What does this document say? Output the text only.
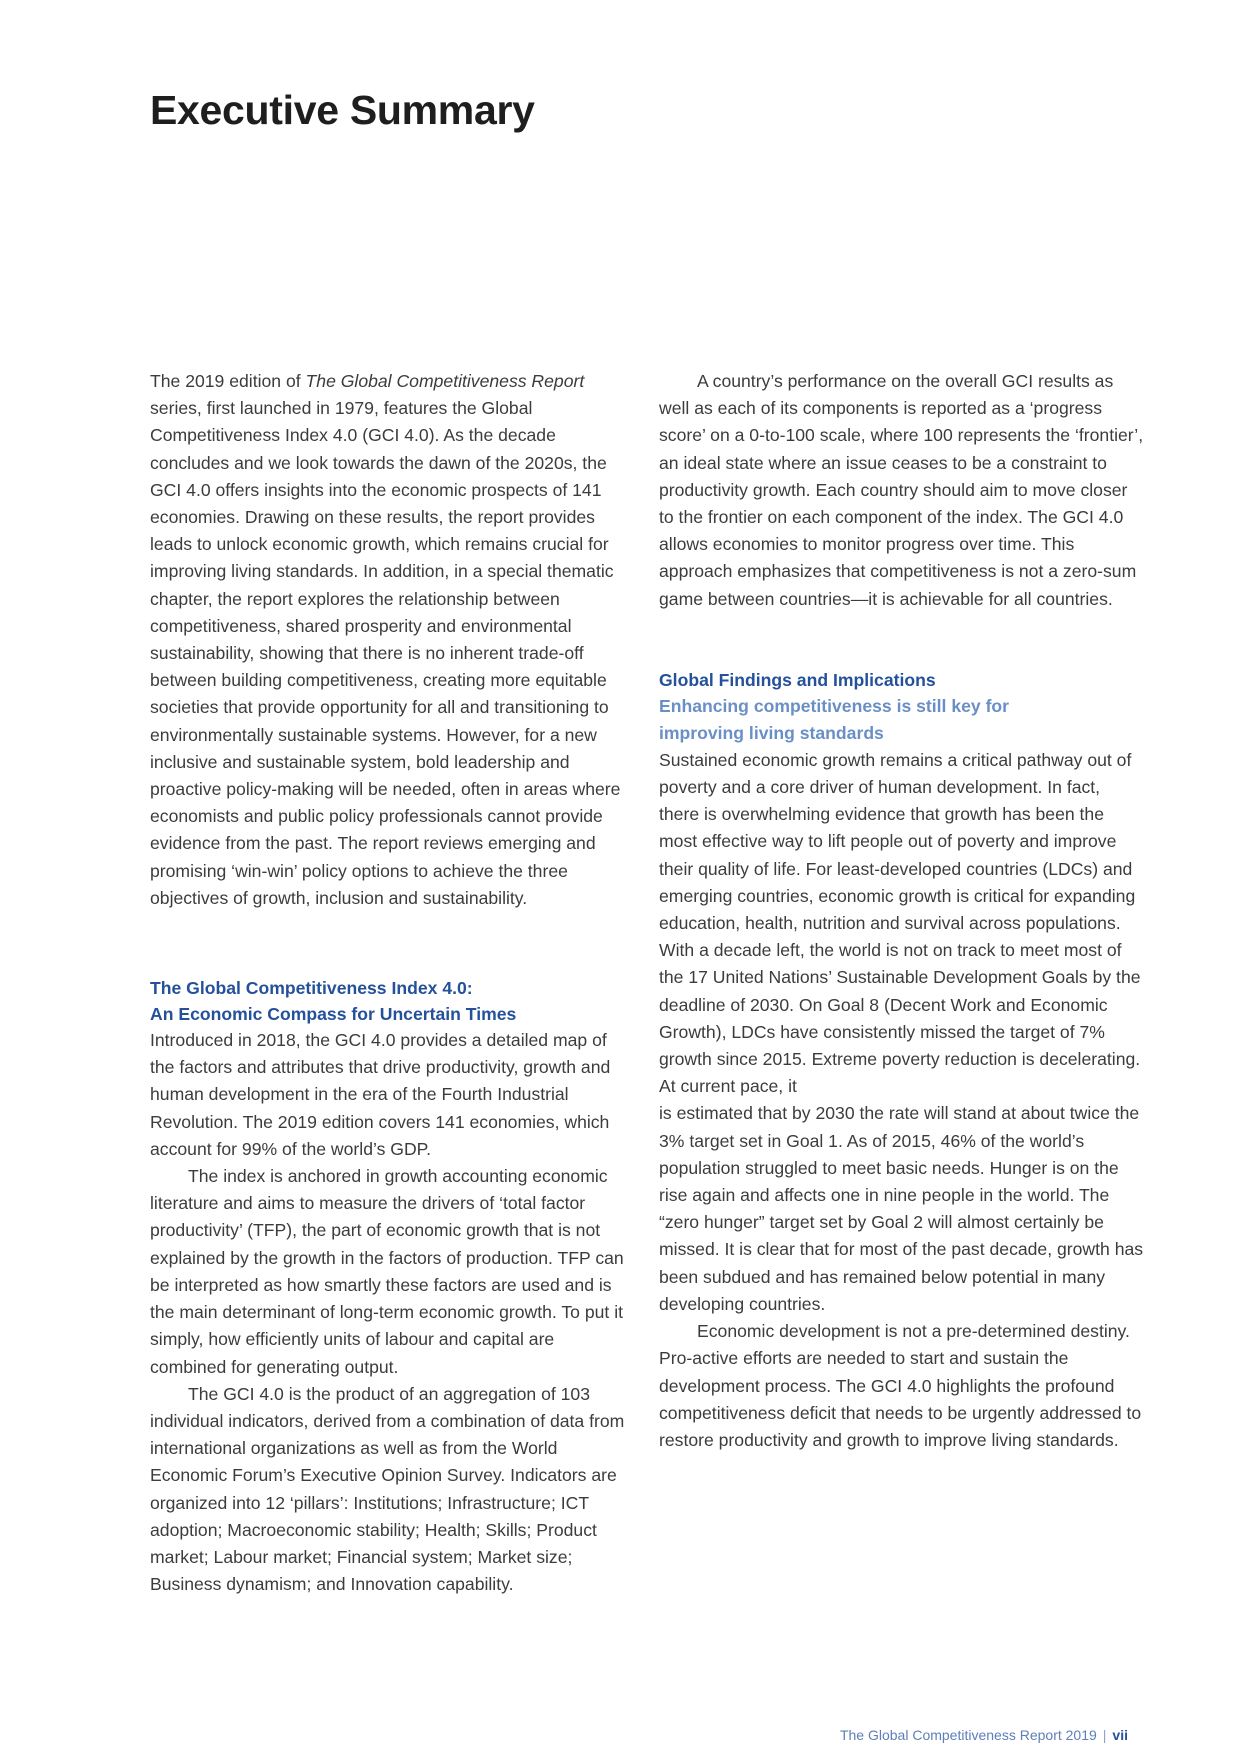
Executive Summary

The 2019 edition of The Global Competitiveness Report series, first launched in 1979, features the Global Competitiveness Index 4.0 (GCI 4.0). As the decade concludes and we look towards the dawn of the 2020s, the GCI 4.0 offers insights into the economic prospects of 141 economies. Drawing on these results, the report provides leads to unlock economic growth, which remains crucial for improving living standards. In addition, in a special thematic chapter, the report explores the relationship between competitiveness, shared prosperity and environmental sustainability, showing that there is no inherent trade-off between building competitiveness, creating more equitable societies that provide opportunity for all and transitioning to environmentally sustainable systems. However, for a new inclusive and sustainable system, bold leadership and proactive policy-making will be needed, often in areas where economists and public policy professionals cannot provide evidence from the past. The report reviews emerging and promising ‘win-win’ policy options to achieve the three objectives of growth, inclusion and sustainability.

The Global Competitiveness Index 4.0:
An Economic Compass for Uncertain Times

Introduced in 2018, the GCI 4.0 provides a detailed map of the factors and attributes that drive productivity, growth and human development in the era of the Fourth Industrial Revolution. The 2019 edition covers 141 economies, which account for 99% of the world’s GDP.

The index is anchored in growth accounting economic literature and aims to measure the drivers of ‘total factor productivity’ (TFP), the part of economic growth that is not explained by the growth in the factors of production. TFP can be interpreted as how smartly these factors are used and is the main determinant of long-term economic growth. To put it simply, how efficiently units of labour and capital are combined for generating output.

The GCI 4.0 is the product of an aggregation of 103 individual indicators, derived from a combination of data from international organizations as well as from the World Economic Forum’s Executive Opinion Survey. Indicators are organized into 12 ‘pillars’: Institutions; Infrastructure; ICT adoption; Macroeconomic stability; Health; Skills; Product market; Labour market; Financial system; Market size; Business dynamism; and Innovation capability.

A country’s performance on the overall GCI results as well as each of its components is reported as a ‘progress score’ on a 0-to-100 scale, where 100 represents the ‘frontier’, an ideal state where an issue ceases to be a constraint to productivity growth. Each country should aim to move closer to the frontier on each component of the index. The GCI 4.0 allows economies to monitor progress over time. This approach emphasizes that competitiveness is not a zero-sum game between countries—it is achievable for all countries.

Global Findings and Implications
Enhancing competitiveness is still key for
improving living standards

Sustained economic growth remains a critical pathway out of poverty and a core driver of human development. In fact, there is overwhelming evidence that growth has been the most effective way to lift people out of poverty and improve their quality of life. For least-developed countries (LDCs) and emerging countries, economic growth is critical for expanding education, health, nutrition and survival across populations. With a decade left, the world is not on track to meet most of the 17 United Nations’ Sustainable Development Goals by the deadline of 2030. On Goal 8 (Decent Work and Economic Growth), LDCs have consistently missed the target of 7% growth since 2015. Extreme poverty reduction is decelerating. At current pace, it

is estimated that by 2030 the rate will stand at about twice the 3% target set in Goal 1. As of 2015, 46% of the world’s population struggled to meet basic needs. Hunger is on the rise again and affects one in nine people in the world. The “zero hunger” target set by Goal 2 will almost certainly be missed. It is clear that for most of the past decade, growth has been subdued and has remained below potential in many developing countries.

Economic development is not a pre-determined destiny. Pro-active efforts are needed to start and sustain the development process. The GCI 4.0 highlights the profound competitiveness deficit that needs to be urgently addressed to restore productivity and growth to improve living standards.

The Global Competitiveness Report 2019 | vii
